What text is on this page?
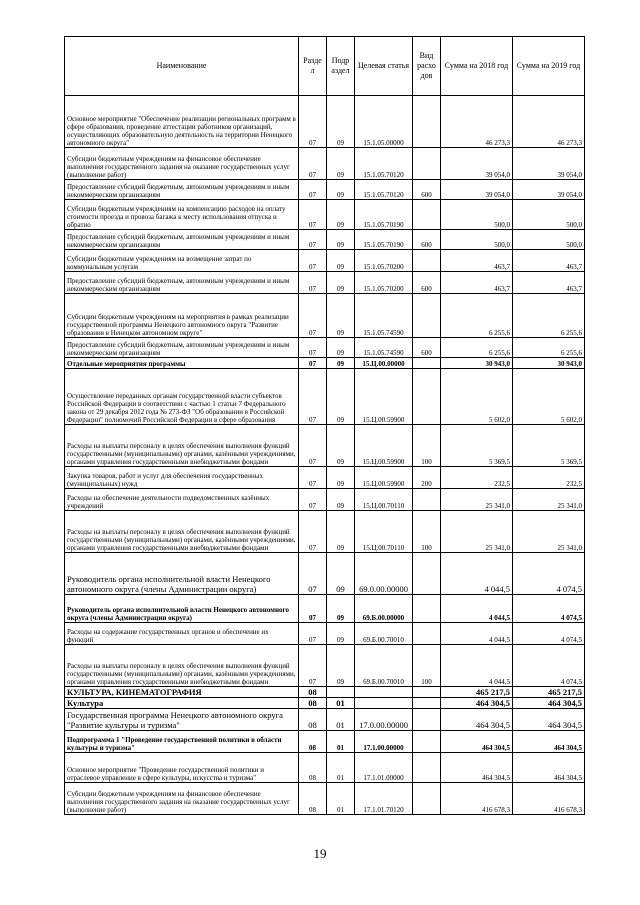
Наименование	Разде л	Подр аздел	Целевая статья	Вид расхо дов	Сумма на 2018 год	Сумма на 2019 год
Основное мероприятие "Обеспечение реализации региональных программ в сфере образования, проведение аттестации работников организаций, осуществляющих образовательную деятельность на территории Ненецкого автономного округа"	07	09	15.1.05.00000		46 273,3	46 273,3
Субсидии бюджетным учреждениям на финансовое обеспечение выполнения государственного задания на оказание государственных услуг (выполнение работ)	07	09	15.1.05.70120		39 054,0	39 054,0
Предоставление субсидий бюджетным, автономным учреждениям и иным некоммерческим организациям	07	09	15.1.05.70120	600	39 054,0	39 054,0
Субсидии бюджетным учреждениям на компенсацию расходов на оплату стоимости проезда и провоза багажа к месту использования отпуска и обратно	07	09	15.1.05.70190		500,0	500,0
Предоставление субсидий бюджетным, автономным учреждениям и иным некоммерческим организациям	07	09	15.1.05.70190	600	500,0	500,0
Субсидии бюджетным учреждениям на возмещение затрат по коммунальным услугам	07	09	15.1.05.70200		463,7	463,7
Предоставление субсидий бюджетным, автономным учреждениям и иным некоммерческим организациям	07	09	15.1.05.70200	600	463,7	463,7
Субсидии бюджетным учреждениям на мероприятия в рамках реализации государственной программы Ненецкого автономного округа "Развитие образования в Ненецком автономном округе"	07	09	15.1.05.74590		6 255,6	6 255,6
Предоставление субсидий бюджетным, автономным учреждениям и иным некоммерческим организациям	07	09	15.1.05.74590	600	6 255,6	6 255,6
Отдельные мероприятия программы	07	09	15.Ц.00.00000		30 943,0	30 943,0
Осуществление переданных органам государственной власти субъектов Российской Федерации в соответствии с частью 1 статьи 7 Федерального закона от 29 декабря 2012 года № 273-ФЗ "Об образовании в Российской Федерации" полномочий Российской Федерации в сфере образования	07	09	15.Ц.00.59900		5 602,0	5 602,0
Расходы на выплаты персоналу в целях обеспечения выполнения функций государственными (муниципальными) органами, казёнными учреждениями, органами управления государственными внебюджетными фондами	07	09	15.Ц.00.59900	100	5 369,5	5 369,5
Закупка товаров, работ и услуг для обеспечения государственных (муниципальных) нужд	07	09	15.Ц.00.59900	200	232,5	232,5
Расходы на обеспечение деятельности подведомственных казённых учреждений	07	09	15.Ц.00.70110		25 341,0	25 341,0
Расходы на выплаты персоналу в целях обеспечения выполнения функций государственными (муниципальными) органами, казёнными учреждениями, органами управления государственными внебюджетными фондами	07	09	15.Ц.00.70110	100	25 341,0	25 341,0
Руководитель органа исполнительной власти Ненецкого автономного округа (члены Администрации округа)	07	09	69.0.00.00000		4 044,5	4 074,5
Руководитель органа исполнительной власти Ненецкого автономного округа (члены Администрации округа)	07	09	69.Б.00.00000		4 044,5	4 074,5
Расходы на содержание государственных органов и обеспечение их функций	07	09	69.Б.00.70010		4 044,5	4 074,5
Расходы на выплаты персоналу в целях обеспечения выполнения функций государственными (муниципальными) органами, казёнными учреждениями, органами управления государственными внебюджетными фондами	07	09	69.Б.00.70010	100	4 044,5	4 074,5
КУЛЬТУРА, КИНЕМАТОГРАФИЯ	08				465 217,5	465 217,5
Культура	08	01			464 304,5	464 304,5
Государственная программа Ненецкого автономного округа "Развитие культуры и туризма"	08	01	17.0.00.00000		464 304,5	464 304,5
Подпрограмма 1 "Проведение государственной политики в области культуры и туризма"	08	01	17.1.00.00000		464 304,5	464 304,5
Основное мероприятие "Проведение государственной политики и отраслевое управление в сфере культуры, искусства и туризма"	08	01	17.1.01.00000		464 304,5	464 304,5
Субсидии бюджетным учреждениям на финансовое обеспечение выполнения государственного задания на оказание государственных услуг (выполнение работ)	08	01	17.1.01.70120		416 678,3	416 678,3
19
